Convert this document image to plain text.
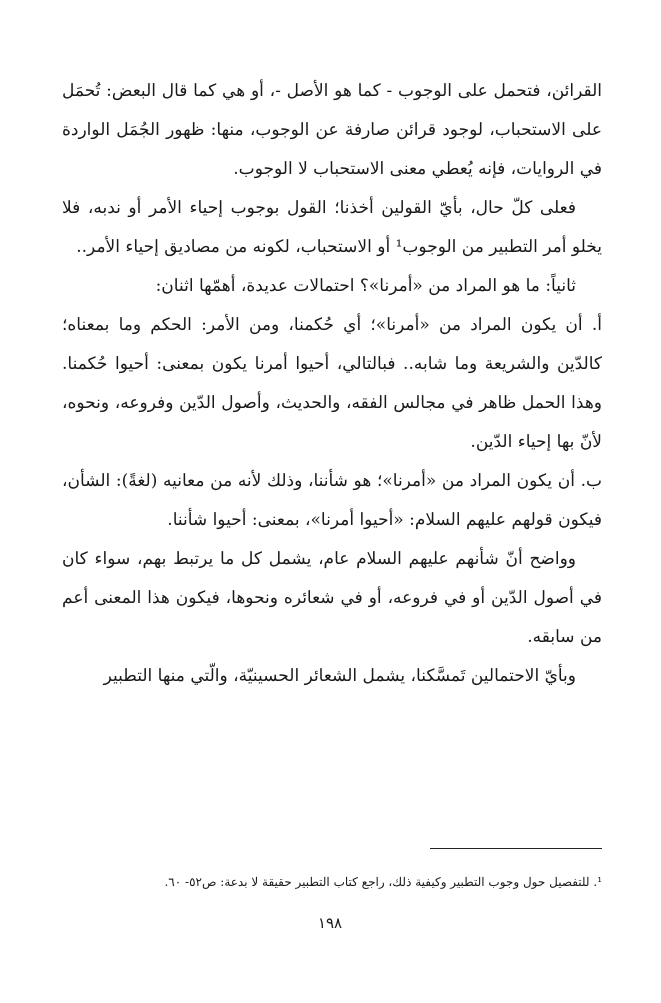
القرائن، فتحمل على الوجوب - كما هو الأصل -، أو هي كما قال البعض: تُحمَل على الاستحباب، لوجود قرائن صارفة عن الوجوب، منها: ظهور الجُمَل الواردة في الروايات، فإنه يُعطي معنى الاستحباب لا الوجوب.

فعلى كلّ حال، بأيّ القولين أخذنا؛ القول بوجوب إحياء الأمر أو ندبه، فلا يخلو أمر التطبير من الوجوب¹ أو الاستحباب، لكونه من مصاديق إحياء الأمر..

ثانياً: ما هو المراد من «أمرنا»؟ احتمالات عديدة، أهمّها اثنان:

أ. أن يكون المراد من «أمرنا»؛ أي حُكمنا، ومن الأمر: الحكم وما بمعناه؛ كالدّين والشريعة وما شابه.. فبالتالي، أحيوا أمرنا يكون بمعنى: أحيوا حُكمنا. وهذا الحمل ظاهر في مجالس الفقه، والحديث، وأصول الدّين وفروعه، ونحوه، لأنّ بها إحياء الدّين.

ب. أن يكون المراد من «أمرنا»؛ هو شأننا، وذلك لأنه من معانيه (لغةً): الشأن، فيكون قولهم عليهم السلام: «أحيوا أمرنا»، بمعنى: أحيوا شأننا.

وواضح أنّ شأنهم عليهم السلام عام، يشمل كل ما يرتبط بهم، سواء كان في أصول الدّين أو في فروعه، أو في شعائره ونحوها، فيكون هذا المعنى أعم من سابقه.

وبأيّ الاحتمالين تَمسَّكنا، يشمل الشعائر الحسينيّة، والّتي منها التطبير

¹. للتفصيل حول وجوب التطبير وكيفية ذلك، راجع كتاب التطبير حقيقة لا بدعة: ص٥٢- ٦٠.
١٩٨
